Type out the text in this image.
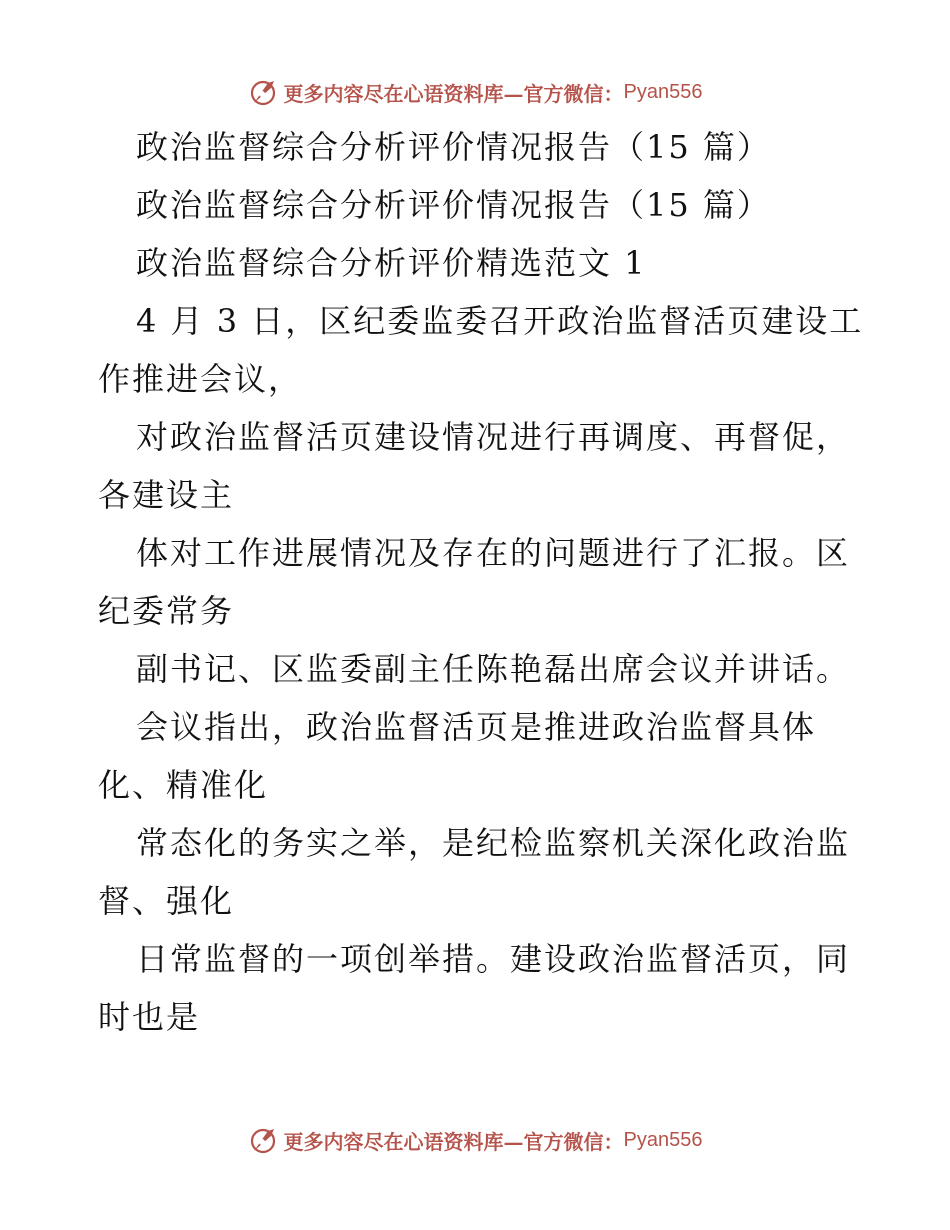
更多内容尽在心语资料库—官方微信： Pyan556
政治监督综合分析评价情况报告（15 篇）
政治监督综合分析评价情况报告（15 篇）
政治监督综合分析评价精选范文 1
4 月 3 日，区纪委监委召开政治监督活页建设工
作推进会议，
对政治监督活页建设情况进行再调度、再督促，
各建设主
体对工作进展情况及存在的问题进行了汇报。区
纪委常务
副书记、区监委副主任陈艳磊出席会议并讲话。
会议指出，政治监督活页是推进政治监督具体
化、精准化
常态化的务实之举，是纪检监察机关深化政治监
督、强化
日常监督的一项创举措。建设政治监督活页，同
时也是
更多内容尽在心语资料库—官方微信： Pyan556
